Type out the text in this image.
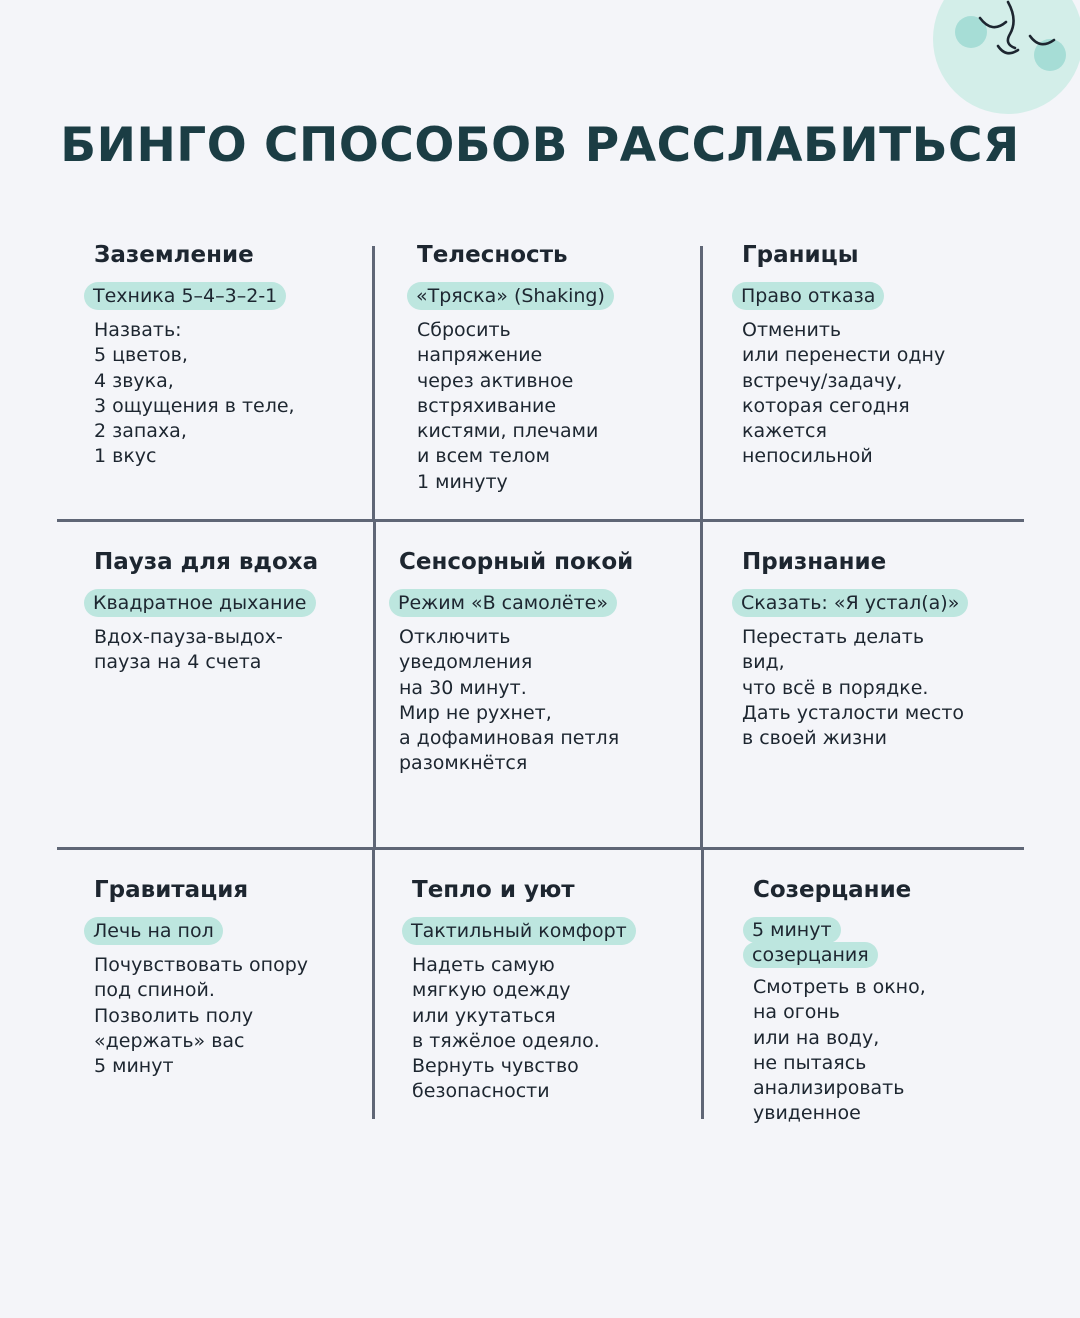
БИНГО СПОСОБОВ РАССЛАБИТЬСЯ
Заземление
Техника 5–4–3–2-1
Назвать:
5 цветов,
4 звука,
3 ощущения в теле,
2 запаха,
1 вкус
Телесность
«Тряска» (Shaking)
Сбросить
напряжение
через активное
встряхивание
кистями, плечами
и всем телом
1 минуту
Границы
Право отказа
Отменить
или перенести одну
встречу/задачу,
которая сегодня
кажется
непосильной
Пауза для вдоха
Квадратное дыхание
Вдох-пауза-выдох-
пауза на 4 счета
Сенсорный покой
Режим «В самолёте»
Отключить
уведомления
на 30 минут.
Мир не рухнет,
а дофаминовая петля
разомкнётся
Признание
Сказать: «Я устал(а)»
Перестать делать
вид,
что всё в порядке.
Дать усталости место
в своей жизни
Гравитация
Лечь на пол
Почувствовать опору
под спиной.
Позволить полу
«держать» вас
5 минут
Тепло и уют
Тактильный комфорт
Надеть самую
мягкую одежду
или укутаться
в тяжёлое одеяло.
Вернуть чувство
безопасности
Созерцание
5 минут
созерцания
Смотреть в окно,
на огонь
или на воду,
не пытаясь
анализировать
увиденное
